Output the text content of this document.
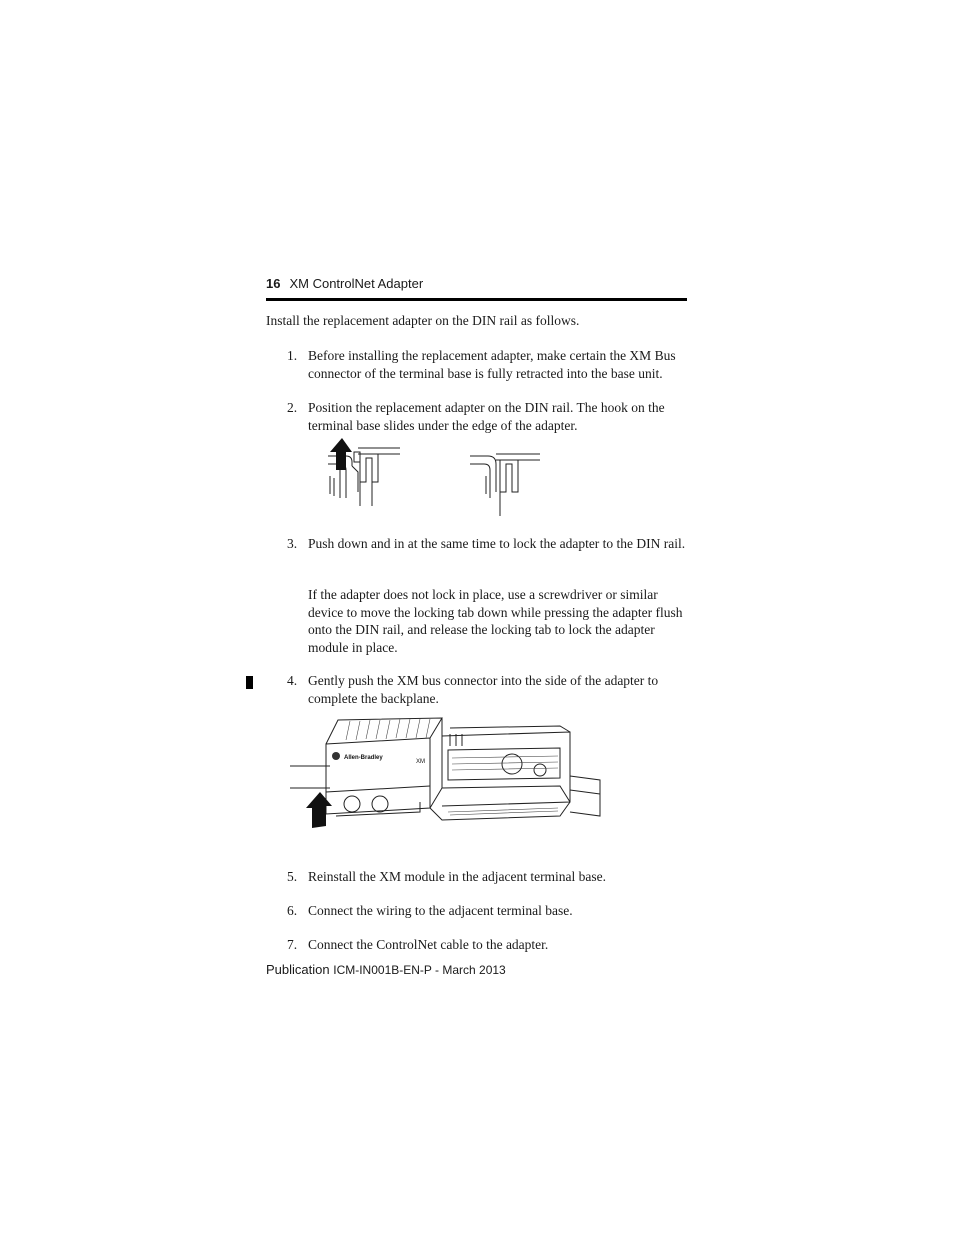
16 XM ControlNet Adapter
Install the replacement adapter on the DIN rail as follows.
1. Before installing the replacement adapter, make certain the XM Bus connector of the terminal base is fully retracted into the base unit.
2. Position the replacement adapter on the DIN rail. The hook on the terminal base slides under the edge of the adapter.
3. Push down and in at the same time to lock the adapter to the DIN rail.
If the adapter does not lock in place, use a screwdriver or similar device to move the locking tab down while pressing the adapter flush onto the DIN rail, and release the locking tab to lock the adapter module in place.
4. Gently push the XM bus connector into the side of the adapter to complete the backplane.
Allen-Bradley
XM
5. Reinstall the XM module in the adjacent terminal base.
6. Connect the wiring to the adjacent terminal base.
7. Connect the ControlNet cable to the adapter.
Publication ICM-IN001B-EN-P - March 2013
